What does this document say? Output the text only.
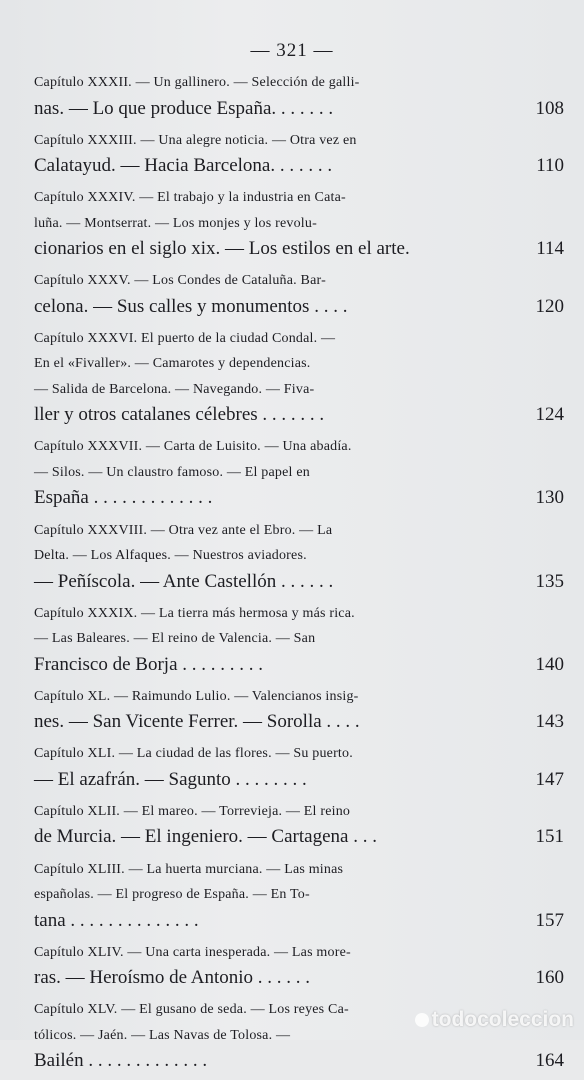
— 321 —
Capítulo XXXII. — Un gallinero. — Selección de galli-
nas. — Lo que produce España. . . . . . .	108
Capítulo XXXIII. — Una alegre noticia. — Otra vez en
Calatayud. — Hacia Barcelona. . . . . . .	110
Capítulo XXXIV. — El trabajo y la industria en Cata-
luña. — Montserrat. — Los monjes y los revolu-
cionarios en el siglo xix. — Los estilos en el arte.	114
Capítulo XXXV. — Los Condes de Cataluña. Bar-
celona. — Sus calles y monumentos . . . .	120
Capítulo XXXVI. El puerto de la ciudad Condal. —
En el «Fivaller». — Camarotes y dependencias.
— Salida de Barcelona. — Navegando. — Fiva-
ller y otros catalanes célebres . . . . . . .	124
Capítulo XXXVII. — Carta de Luisito. — Una abadía.
— Silos. — Un claustro famoso. — El papel en
España . . . . . . . . . . . . .	130
Capítulo XXXVIII. — Otra vez ante el Ebro. — La
Delta. — Los Alfaques. — Nuestros aviadores.
— Peñíscola. — Ante Castellón . . . . . .	135
Capítulo XXXIX. — La tierra más hermosa y más rica.
— Las Baleares. — El reino de Valencia. — San
Francisco de Borja . . . . . . . . .	140
Capítulo XL. — Raimundo Lulio. — Valencianos insig-
nes. — San Vicente Ferrer. — Sorolla . . . .	143
Capítulo XLI. — La ciudad de las flores. — Su puerto.
— El azafrán. — Sagunto . . . . . . . .	147
Capítulo XLII. — El mareo. — Torrevieja. — El reino
de Murcia. — El ingeniero. — Cartagena . . .	151
Capítulo XLIII. — La huerta murciana. — Las minas
españolas. — El progreso de España. — En To-
tana . . . . . . . . . . . . . .	157
Capítulo XLIV. — Una carta inesperada. — Las more-
ras. — Heroísmo de Antonio . . . . . .	160
Capítulo XLV. — El gusano de seda. — Los reyes Ca-
tólicos. — Jaén. — Las Navas de Tolosa. —
Bailén . . . . . . . . . . . . .	164
todocoleccion
